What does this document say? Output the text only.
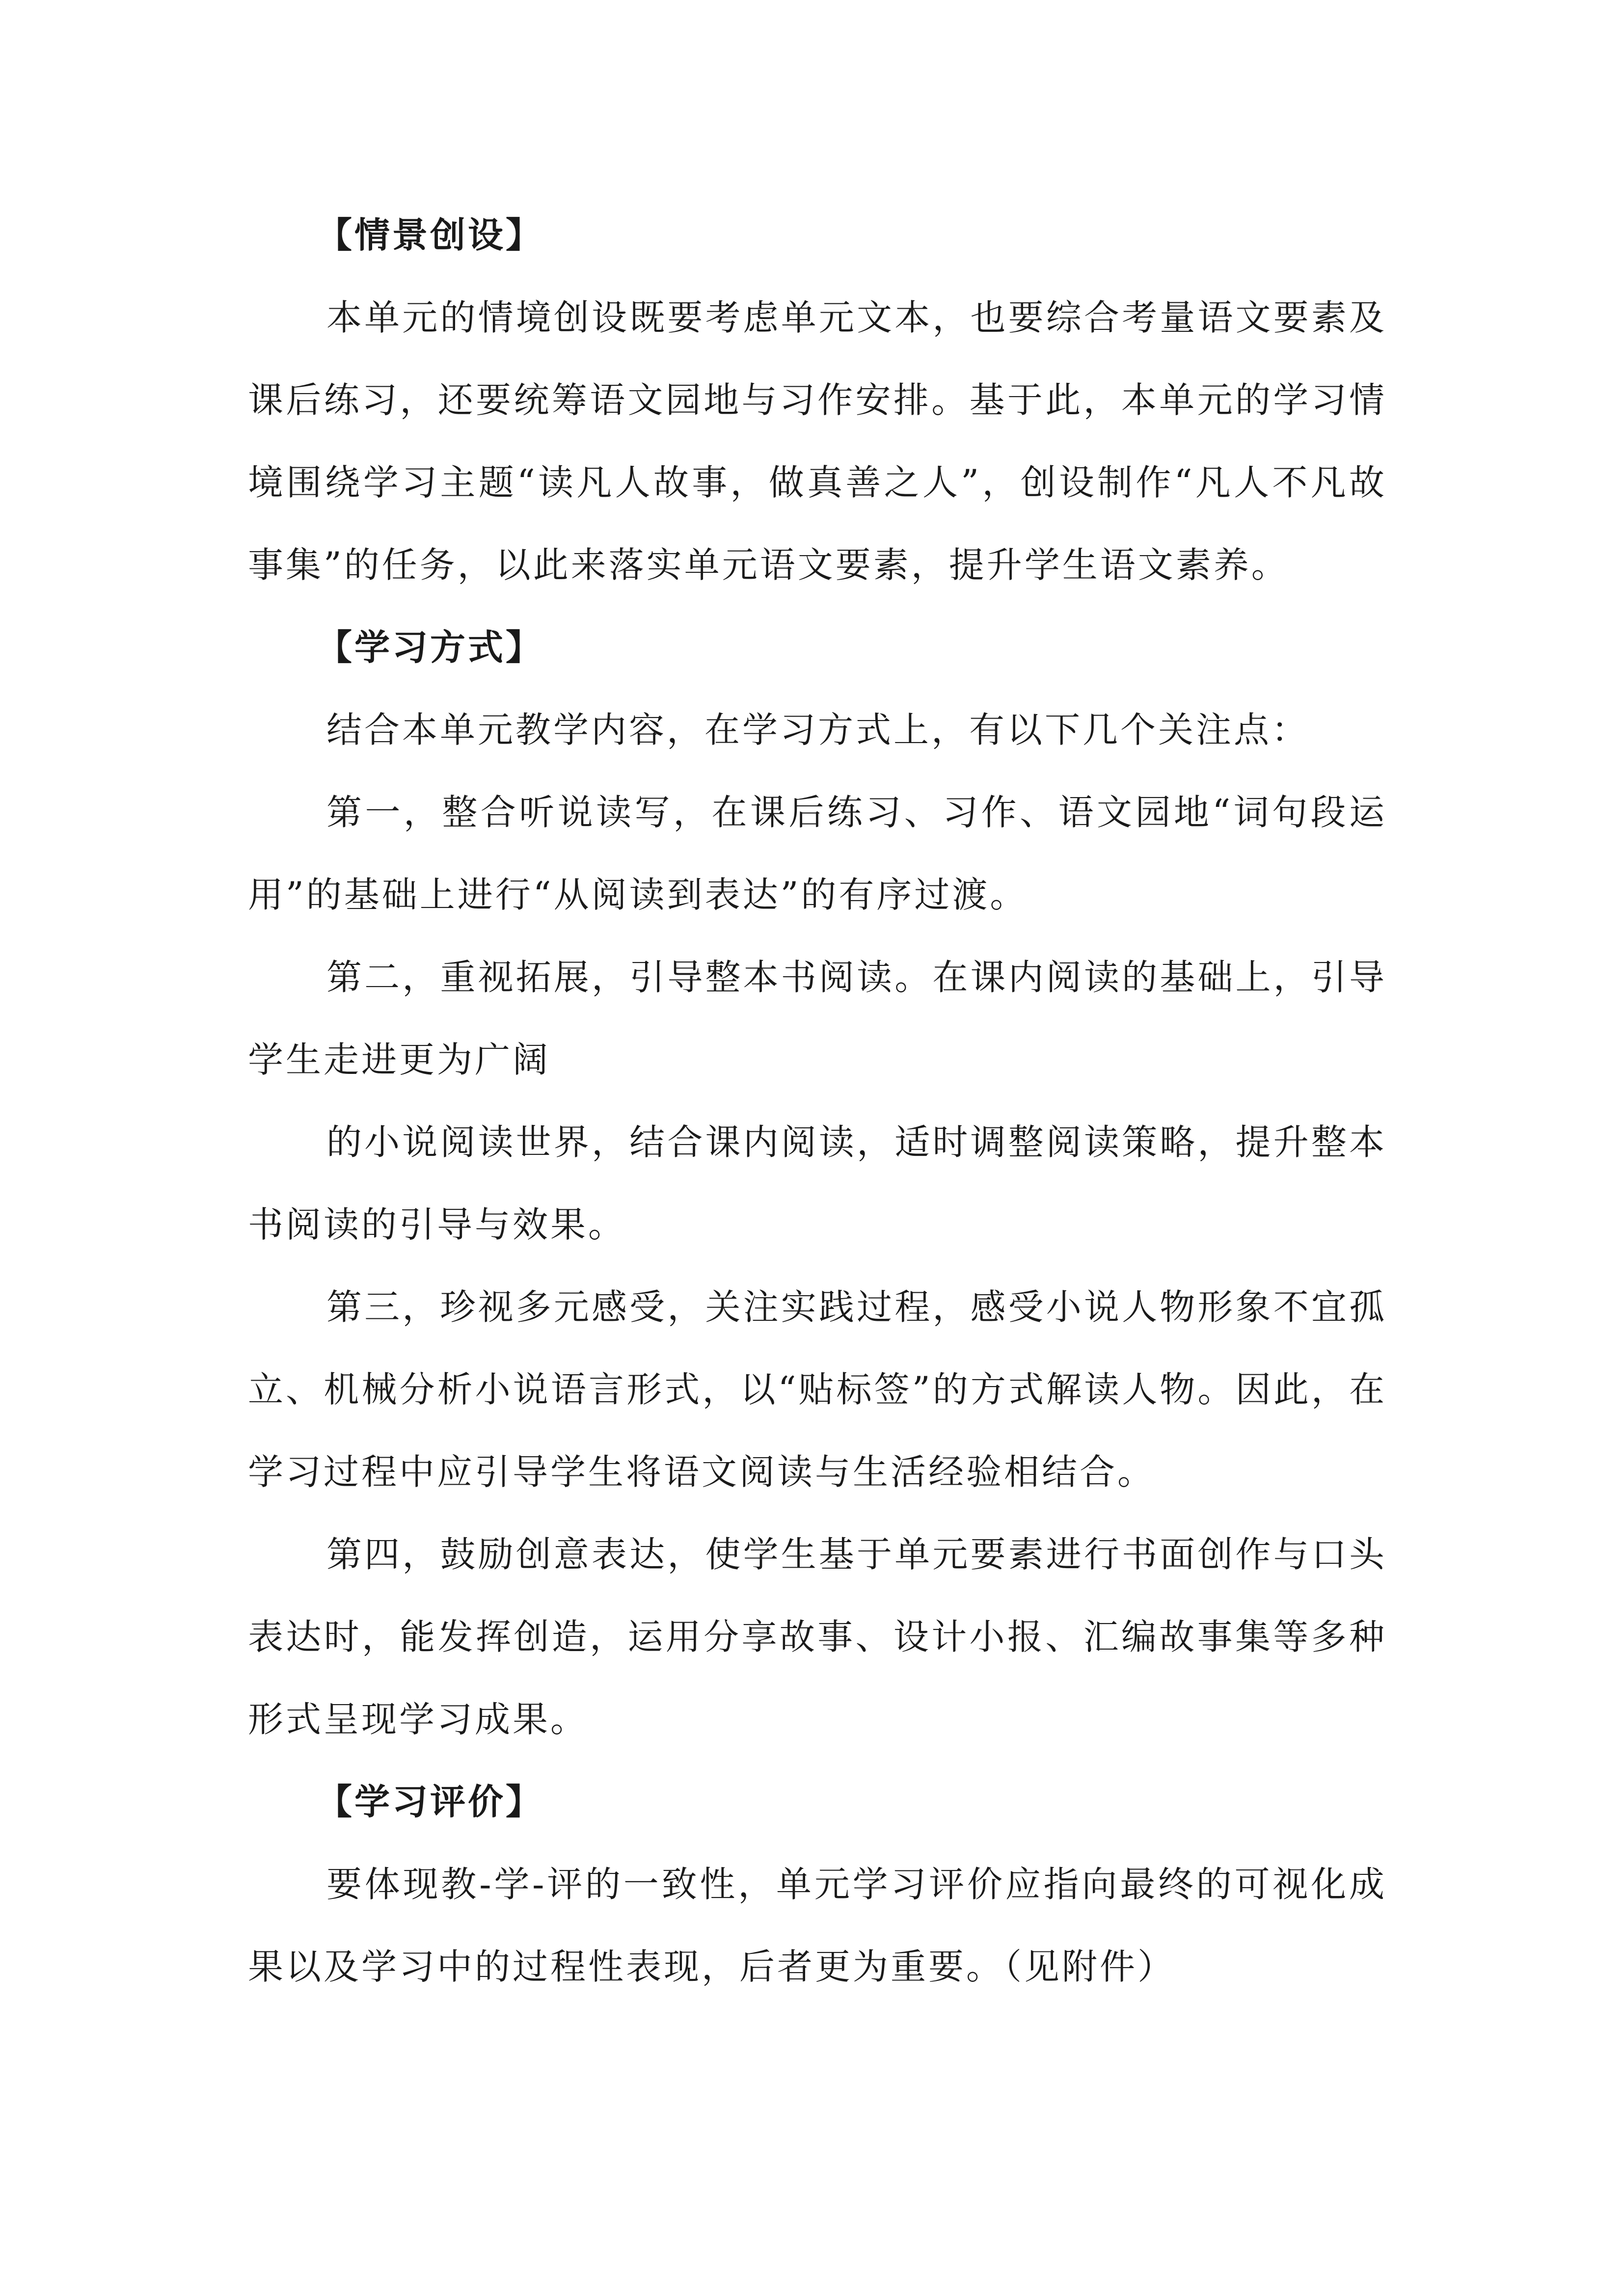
【情景创设】

本单元的情境创设既要考虑单元文本，也要综合考量语文要素及课后练习，还要统筹语文园地与习作安排。基于此，本单元的学习情境围绕学习主题“读凡人故事，做真善之人”，创设制作“凡人不凡故事集”的任务，以此来落实单元语文要素，提升学生语文素养。

【学习方式】

结合本单元教学内容，在学习方式上，有以下几个关注点：

第一，整合听说读写，在课后练习、习作、语文园地“词句段运用”的基础上进行“从阅读到表达”的有序过渡。

第二，重视拓展，引导整本书阅读。在课内阅读的基础上，引导学生走进更为广阔

的小说阅读世界，结合课内阅读，适时调整阅读策略，提升整本书阅读的引导与效果。

第三，珍视多元感受，关注实践过程，感受小说人物形象不宜孤立、机械分析小说语言形式，以“贴标签”的方式解读人物。因此，在学习过程中应引导学生将语文阅读与生活经验相结合。

第四，鼓励创意表达，使学生基于单元要素进行书面创作与口头表达时，能发挥创造，运用分享故事、设计小报、汇编故事集等多种形式呈现学习成果。

【学习评价】

要体现教-学-评的一致性，单元学习评价应指向最终的可视化成果以及学习中的过程性表现，后者更为重要。（见附件）
